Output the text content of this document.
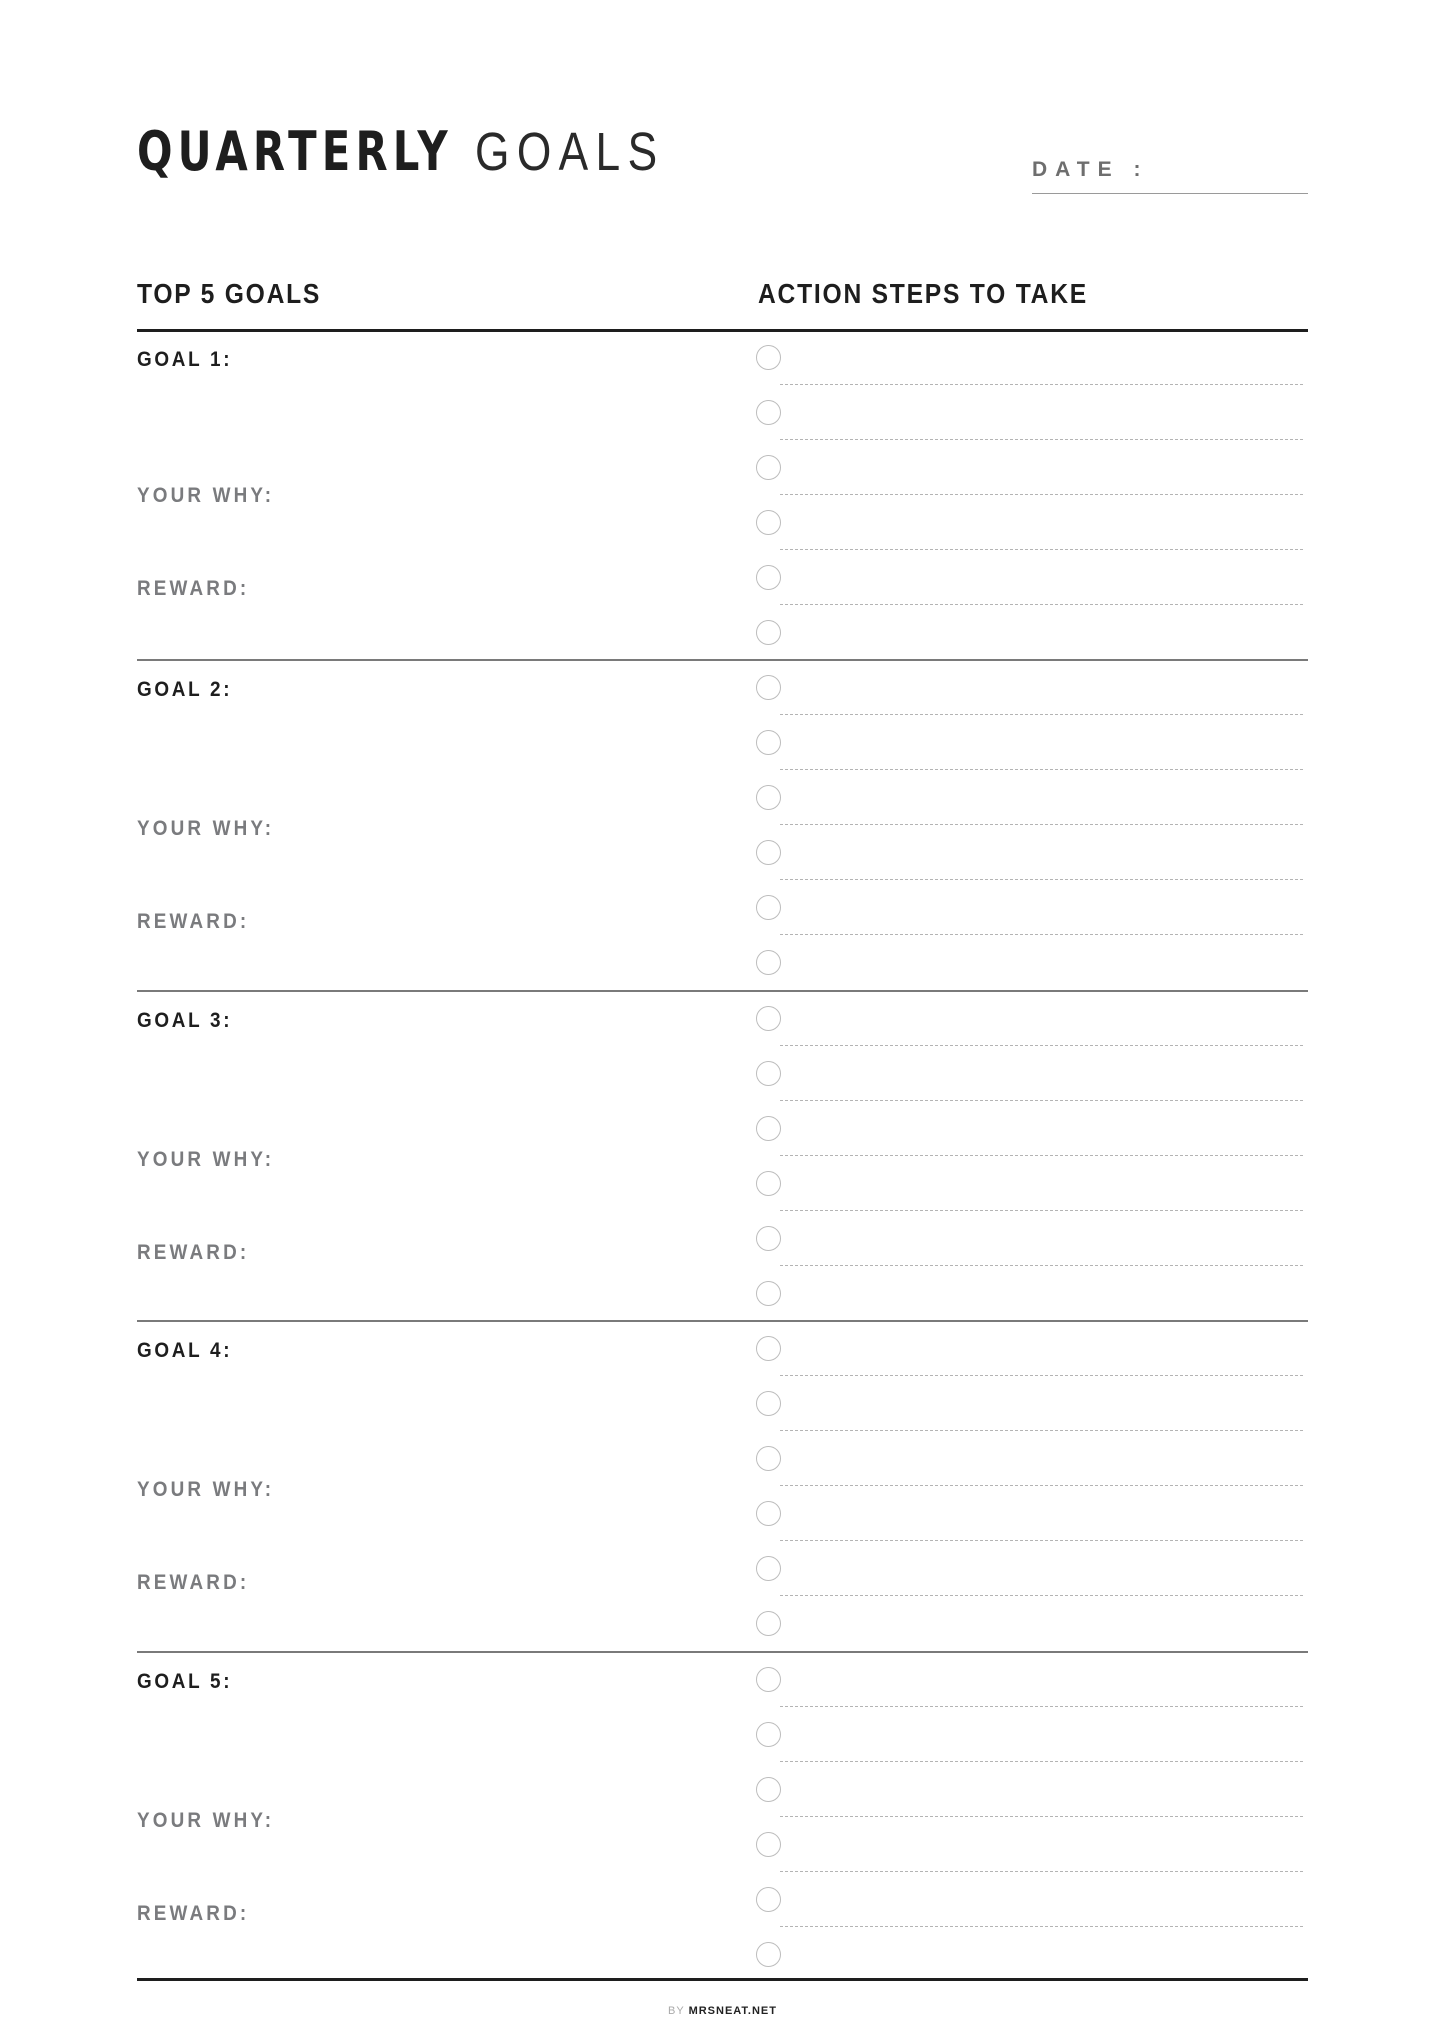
QUARTERLY GOALS	DATE :
TOP 5 GOALS	ACTION STEPS TO TAKE
GOAL 1:
YOUR WHY:
REWARD:
GOAL 2:
YOUR WHY:
REWARD:
GOAL 3:
YOUR WHY:
REWARD:
GOAL 4:
YOUR WHY:
REWARD:
GOAL 5:
YOUR WHY:
REWARD:
BY MRSNEAT.NET
